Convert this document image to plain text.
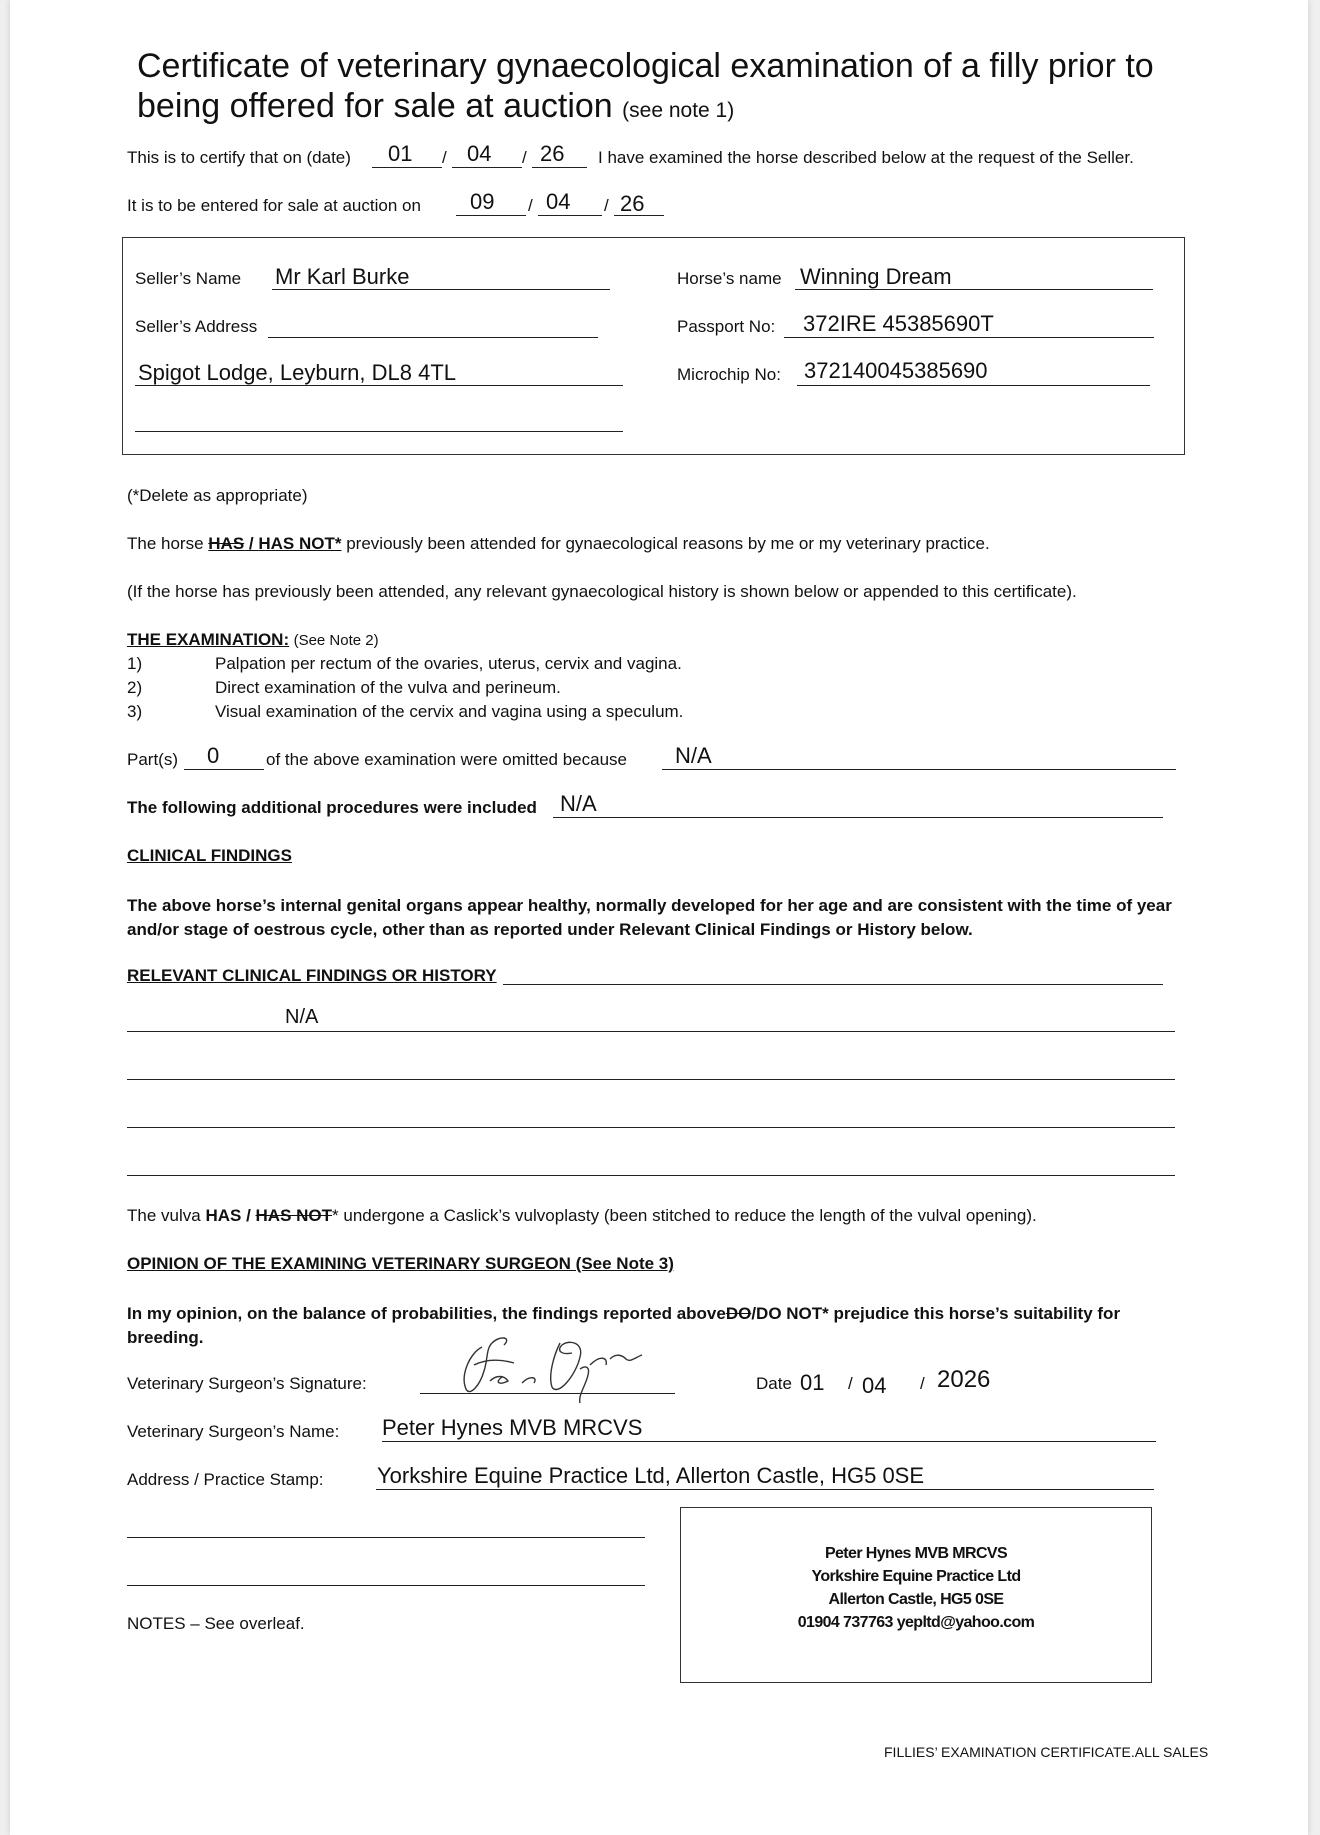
Certificate of veterinary gynaecological examination of a filly prior to being offered for sale at auction (see note 1)
This is to certify that on (date) 01 / 04 / 26 I have examined the horse described below at the request of the Seller.
It is to be entered for sale at auction on 09 / 04 / 26
Seller’s Name Mr Karl Burke
Seller’s Address
Spigot Lodge, Leyburn, DL8 4TL
Horse’s name Winning Dream
Passport No: 372IRE 45385690T
Microchip No: 372140045385690
(*Delete as appropriate)
The horse HAS / HAS NOT* previously been attended for gynaecological reasons by me or my veterinary practice.
(If the horse has previously been attended, any relevant gynaecological history is shown below or appended to this certificate).
THE EXAMINATION: (See Note 2)
1)	Palpation per rectum of the ovaries, uterus, cervix and vagina.
2)	Direct examination of the vulva and perineum.
3)	Visual examination of the cervix and vagina using a speculum.
Part(s) 0	of the above examination were omitted because N/A
The following additional procedures were included N/A
CLINICAL FINDINGS
The above horse’s internal genital organs appear healthy, normally developed for her age and are consistent with the time of year and/or stage of oestrous cycle, other than as reported under Relevant Clinical Findings or History below.
RELEVANT CLINICAL FINDINGS OR HISTORY
N/A
The vulva HAS / HAS NOT* undergone a Caslick’s vulvoplasty (been stitched to reduce the length of the vulval opening).
OPINION OF THE EXAMINING VETERINARY SURGEON (See Note 3)
In my opinion, on the balance of probabilities, the findings reported aboveDO/DO NOT* prejudice this horse’s suitability for breeding.
Veterinary Surgeon’s Signature:	Date 01 / 04 / 2026
Veterinary Surgeon’s Name: Peter Hynes MVB MRCVS
Address / Practice Stamp: Yorkshire Equine Practice Ltd, Allerton Castle, HG5 0SE
NOTES – See overleaf.
Peter Hynes MVB MRCVS
Yorkshire Equine Practice Ltd
Allerton Castle, HG5 0SE
01904 737763 yepltd@yahoo.com
FILLIES’ EXAMINATION CERTIFICATE.ALL SALES
